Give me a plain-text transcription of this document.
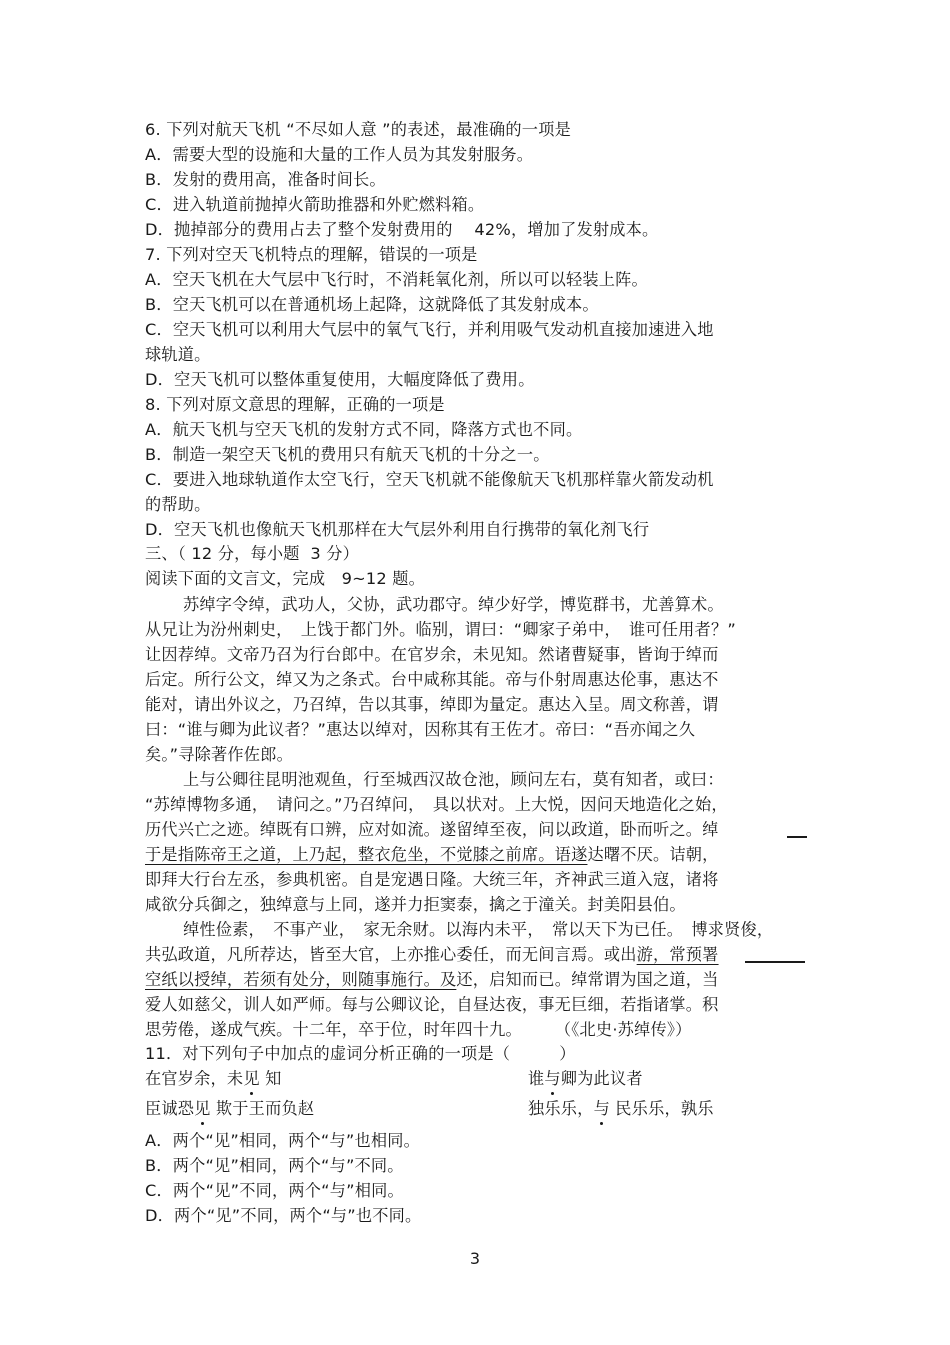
6. 下列对航天飞机 “不尽如人意 ”的表述，最准确的一项是
A．需要大型的设施和大量的工作人员为其发射服务。
B．发射的费用高，准备时间长。
C．进入轨道前抛掉火箭助推器和外贮燃料箱。
D．抛掉部分的费用占去了整个发射费用的　 42%，增加了发射成本。
7. 下列对空天飞机特点的理解，错误的一项是
A．空天飞机在大气层中飞行时，不消耗氧化剂，所以可以轻装上阵。
B．空天飞机可以在普通机场上起降，这就降低了其发射成本。
C．空天飞机可以利用大气层中的氧气飞行，并利用吸气发动机直接加速进入地
球轨道。
D．空天飞机可以整体重复使用，大幅度降低了费用。
8. 下列对原文意思的理解，正确的一项是
A．航天飞机与空天飞机的发射方式不同，降落方式也不同。
B．制造一架空天飞机的费用只有航天飞机的十分之一。
C．要进入地球轨道作太空飞行，空天飞机就不能像航天飞机那样靠火箭发动机
的帮助。
D．空天飞机也像航天飞机那样在大气层外利用自行携带的氧化剂飞行
三、（ 12 分，每小题  3 分）
阅读下面的文言文，完成　9~12 题。
苏绰字令绰，武功人，父协，武功郡守。绰少好学，博览群书，尤善算术。
从兄让为汾州刺史，　上饯于都门外。临别，谓曰：“卿家子弟中，　谁可任用者？”
让因荐绰。文帝乃召为行台郎中。在官岁余，未见知。然诸曹疑事，皆询于绰而
后定。所行公文，绰又为之条式。台中咸称其能。帝与仆射周惠达伦事，惠达不
能对，请出外议之，乃召绰，告以其事，绰即为量定。惠达入呈。周文称善，谓
曰：“谁与卿为此议者？”惠达以绰对，因称其有王佐才。帝曰：“吾亦闻之久
矣。”寻除著作佐郎。
上与公卿往昆明池观鱼，行至城西汉故仓池，顾问左右，莫有知者，或曰：
“苏绰博物多通，　请问之。”乃召绰问，　具以状对。上大悦，因问天地造化之始，
历代兴亡之迹。绰既有口辨，应对如流。遂留绰至夜，问以政道，卧而听之。绰
于是指陈帝王之道，上乃起，整衣危坐，不觉膝之前席。语遂达曙不厌。诘朝，
即拜大行台左丞，参典机密。自是宠遇日隆。大统三年，齐神武三道入寇，诸将
咸欲分兵御之，独绰意与上同，遂并力拒窦泰，擒之于潼关。封美阳县伯。
绰性俭素，　不事产业，　家无余财。以海内未平，　常以天下为已任。　博求贤俊，
共弘政道，凡所荐达，皆至大官，上亦推心委任，而无间言焉。或出游，常预署
空纸以授绰，若须有处分，则随事施行。及还，启知而已。绰常谓为国之道，当
爱人如慈父，训人如严师。每与公卿议论，自昼达夜，事无巨细，若指诸掌。积
思劳倦，遂成气疾。十二年，卒于位，时年四十九。　　　（《北史·苏绰传》）
11．对下列句子中加点的虚词分析正确的一项是（　　　）
在官岁余，未见 知	谁与卿为此议者
臣诚恐见 欺于王而负赵	独乐乐，与 民乐乐，孰乐
A．两个“见”相同，两个“与”也相同。
B．两个“见”相同，两个“与”不同。
C．两个“见”不同，两个“与”相同。
D．两个“见”不同，两个“与”也不同。
3
